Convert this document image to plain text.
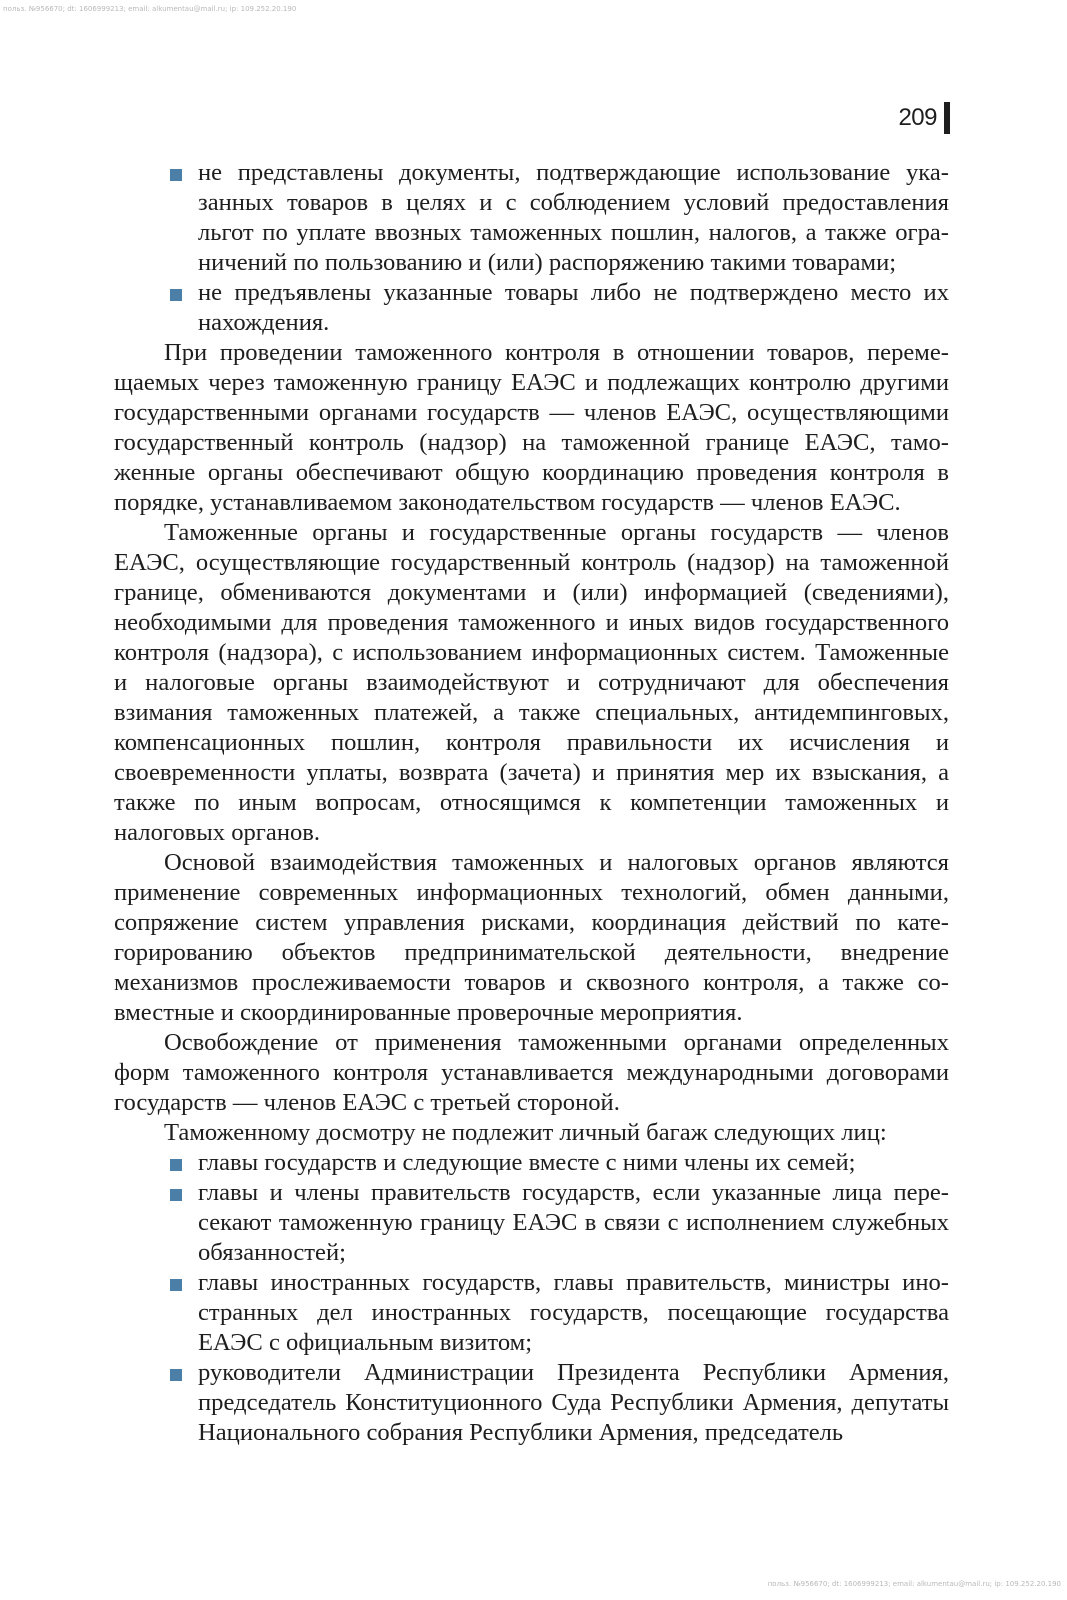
польз. №956670; dt: 1606999213; email: alkumentau@mail.ru; ip: 109.252.20.190
209
не представлены документы, подтверждающие использование указанных товаров в целях и с соблюдением условий предоставления льгот по уплате ввозных таможенных пошлин, налогов, а также ограничений по пользованию и (или) распоряжению такими товарами;
не предъявлены указанные товары либо не подтверждено место их нахождения.

При проведении таможенного контроля в отношении товаров, перемещаемых через таможенную границу ЕАЭС и подлежащих контролю другими государственными органами государств — членов ЕАЭС, осуществляющими государственный контроль (надзор) на таможенной границе ЕАЭС, таможенные органы обеспечивают общую координацию проведения контроля в порядке, устанавливаемом законодательством государств — членов ЕАЭС.

Таможенные органы и государственные органы государств — членов ЕАЭС, осуществляющие государственный контроль (надзор) на таможенной границе, обмениваются документами и (или) информацией (сведениями), необходимыми для проведения таможенного и иных видов государственного контроля (надзора), с использованием информационных систем. Таможенные и налоговые органы взаимодействуют и сотрудничают для обеспечения взимания таможенных платежей, а также специальных, антидемпинговых, компенсационных пошлин, контроля правильности их исчисления и своевременности уплаты, возврата (зачета) и принятия мер их взыскания, а также по иным вопросам, относящимся к компетенции таможенных и налоговых органов.

Основой взаимодействия таможенных и налоговых органов являются применение современных информационных технологий, обмен данными, сопряжение систем управления рисками, координация действий по категорированию объектов предпринимательской деятельности, внедрение механизмов прослеживаемости товаров и сквозного контроля, а также совместные и скоординированные проверочные мероприятия.

Освобождение от применения таможенными органами определенных форм таможенного контроля устанавливается международными договорами государств — членов ЕАЭС с третьей стороной.

Таможенному досмотру не подлежит личный багаж следующих лиц:

главы государств и следующие вместе с ними члены их семей;
главы и члены правительств государств, если указанные лица пересекают таможенную границу ЕАЭС в связи с исполнением служебных обязанностей;
главы иностранных государств, главы правительств, министры иностранных дел иностранных государств, посещающие государства ЕАЭС с официальным визитом;
руководители Администрации Президента Республики Армения, председатель Конституционного Суда Республики Армения, депутаты Национального собрания Республики Армения, председатель
польз. №956670; dt: 1606999213; email: alkumentau@mail.ru; ip: 109.252.20.190
